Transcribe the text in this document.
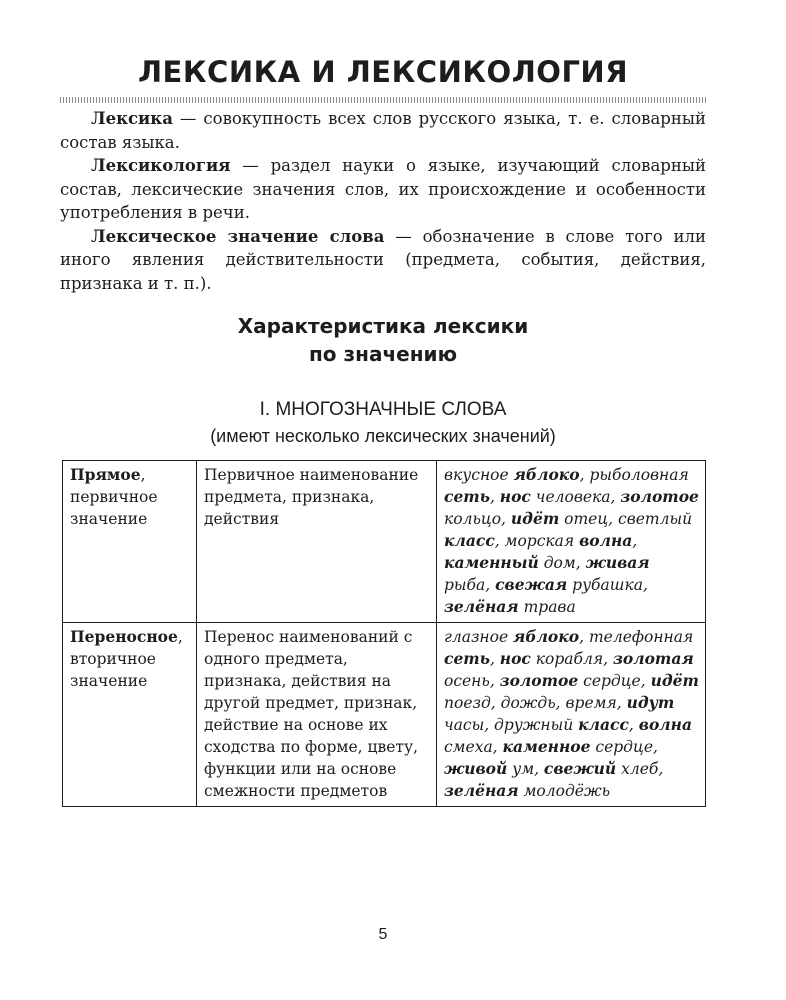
ЛЕКСИКА И ЛЕКСИКОЛОГИЯ

Лексика — совокупность всех слов русского языка, т. е. словарный состав языка.

Лексикология — раздел науки о языке, изучающий словарный состав, лексические значения слов, их происхождение и особенности употребления в речи.

Лексическое значение слова — обозначение в слове того или иного явления действительности (предмета, события, действия, признака и т. п.).

Характеристика лексики
по значению
I. МНОГОЗНАЧНЫЕ СЛОВА
(имеют несколько лексических значений)
Прямое, первичное значение	Первичное наименование предмета, признака, действия	вкусное яблоко, рыболовная сеть, нос человека, золотое кольцо, идёт отец, светлый класс, морская волна, каменный дом, живая рыба, свежая рубашка, зелёная трава
Переносное, вторичное значение	Перенос наименований с одного предмета, признака, действия на другой предмет, признак, действие на основе их сходства по форме, цвету, функции или на основе смежности предметов	глазное яблоко, телефонная сеть, нос корабля, золотая осень, золотое сердце, идёт поезд, дождь, время, идут часы, дружный класс, волна смеха, каменное сердце, живой ум, свежий хлеб, зелёная молодёжь
5
